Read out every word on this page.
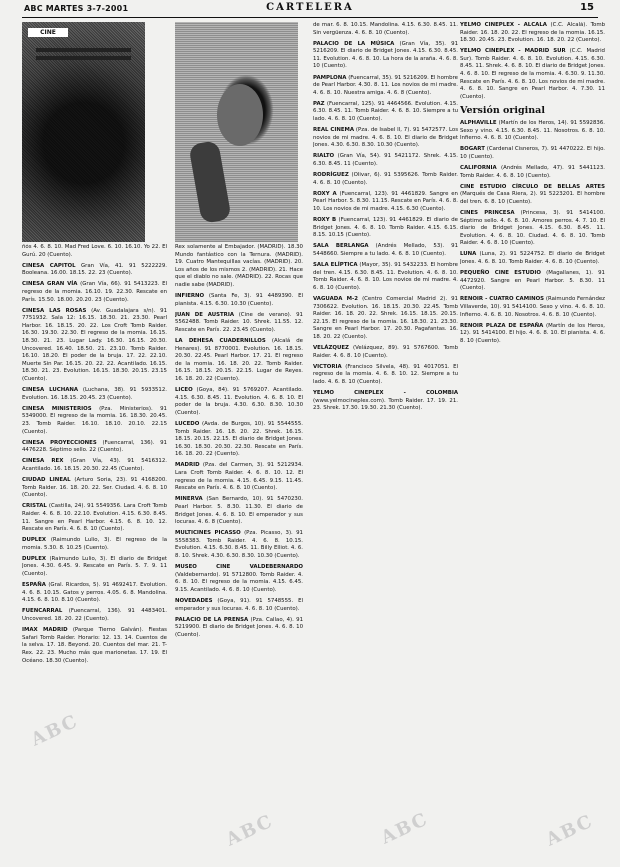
ABC MARTES 3-7-2001	CARTELERA	15
CINE

ñós 4. 6. 8. 10. Mad Fred Love. 6. 10. 16.10. Yo 22. El Gurú. 20 (Cuento).

CINESA CAPITOL Gran Vía, 41. 91 5222229. Booleana. 16.00. 18.15. 22. 23 (Cuento).

CINESA GRAN VÍA (Gran Vía, 66). 91 5413223. El regreso de la momia. 16.10. 19. 22.30. Rescate en París. 15.50. 18.00. 20.20. 23 (Cuento).

CINESA LAS ROSAS (Av. Guadalajara s/n). 91 7751932. Sala 12: 16.15. 18.30. 21. 23.30. Pearl Harbor. 16. 18.15. 20. 22. Los Croft Tomb Raider. 16.30. 19.30. 22.30. El regreso de la momia. 16.15. 18.30. 21. 23. Lugar Lady. 16.30. 16.15. 20.30. Uncovered. 16.40. 18.50. 21. 23.10. Tomb Raider. 16.10. 18.20. El poder de la bruja. 17. 22. 22.10. Muerte Sin Par. 16.15. 20. 22. 22. Acantilado. 16.15. 18.30. 21. 23. Evolution. 16.15. 18.30. 20.15. 23.15 (Cuento).

CINESA LUCHANA (Luchana, 38). 91 5933512. Evolution. 16. 18.15. 20.45. 23 (Cuento).

CINESA MINISTERIOS (Pza. Ministerios). 91 5349000. El regreso de la momia. 16. 18.30. 20.45. 23. Tomb Raider. 16.10. 18.10. 20.10. 22.15 (Cuento).

CINESA PROYECCIONES (Fuencarral, 136). 91 4476228. Séptimo sello. 22 (Cuento).

CINESA REX (Gran Vía, 43). 91 5416312. Acantilado. 16. 18.15. 20.30. 22.45 (Cuento).

CIUDAD LINEAL (Arturo Soria, 23). 91 4168200. Tomb Raider. 16. 18. 20. 22. Ser. Ciudad. 4. 6. 8. 10 (Cuento).

CRISTAL (Castilla, 24). 91 5549356. Lara Croft Tomb Raider. 4. 6. 8. 10. 22.10. Evolution. 4.15. 6.30. 8.45. 11. Sangre en Pearl Harbor. 4.15. 6. 8. 10. 12. Rescate en París. 4. 6. 8. 10 (Cuento).

DUPLEX (Raimundo Lulio, 3). El regreso de la momia. 5.30. 8. 10.25 (Cuento).

DUPLEX (Raimundo Lulio, 3). El diario de Bridget Jones. 4.30. 6.45. 9. Rescate en París. 5. 7. 9. 11 (Cuento).

ESPAÑA (Gral. Ricardos, 5). 91 4692417. Evolution. 4. 6. 8. 10.15. Gatos y perros. 4.05. 6. 8. Mandolina. 4.15. 6. 8. 10. 8.10 (Cuento).

FUENCARRAL (Fuencarral, 136). 91 4483401. Uncovered. 18. 20. 22 (Cuento).

IMAX MADRID (Parque Tierno Galván). Fiestas Safari Tomb Raider. Horario: 12. 13. 14. Cuentos de la selva. 17. 18. Beyond. 20. Cuentos del mar. 21. T-Rex. 22. 23. Mucho más que marionetas. 17. 19. El Océano. 18.30 (Cuento).

Rex solamente al Embajador. (MADRID). 18.30 Mundo fantástico con la Ternura. (MADRID). 19. Cuatro Mantequillas vacías. (MADRID). 20. Los años de los mismos 2. (MADRID). 21. Hace que el diablo no sale. (MADRID). 22. Rocas que nadie sabe (MADRID).

INFIERNO (Santa Fe, 3). 91 4489390. El pianista. 4.15. 6.30. 10.30 (Cuento).

JUAN DE AUSTRIA (Cine de verano). 91 5562488. Tomb Raider. 10. Shrek. 11.55. 12. Rescate en París. 22. 23.45 (Cuento).

LA DEHESA CUADERNILLOS (Alcalá de Henares). 91 8770001. Evolution. 16. 18.15. 20.30. 22.45. Pearl Harbor. 17. 21. El regreso de la momia. 16. 18. 20. 22. Tomb Raider. 16.15. 18.15. 20.15. 22.15. Lugar de Reyes. 16. 18. 20. 22 (Cuento).

LICEO (Goya, 84). 91 5769207. Acantilado. 4.15. 6.30. 8.45. 11. Evolution. 4. 6. 8. 10. El poder de la bruja. 4.30. 6.30. 8.30. 10.30 (Cuento).

LUCEDO (Avda. de Burgos, 10). 91 5544555. Tomb Raider. 16. 18. 20. 22. Shrek. 16.15. 18.15. 20.15. 22.15. El diario de Bridget Jones. 16.30. 18.30. 20.30. 22.30. Rescate en París. 16. 18. 20. 22 (Cuento).

MADRID (Pza. del Carmen, 3). 91 5212934. Lara Croft Tomb Raider. 4. 6. 8. 10. 12. El regreso de la momia. 4.15. 6.45. 9.15. 11.45. Rescate en París. 4. 6. 8. 10 (Cuento).

MINERVA (San Bernardo, 10). 91 5470230. Pearl Harbor. 5. 8.30. 11.30. El diario de Bridget Jones. 4. 6. 8. 10. El emperador y sus locuras. 4. 6. 8 (Cuento).

MULTICINES PICASSO (Pza. Picasso, 3). 91 5558383. Tomb Raider. 4. 6. 8. 10.15. Evolution. 4.15. 6.30. 8.45. 11. Billy Elliot. 4. 6. 8. 10. Shrek. 4.30. 6.30. 8.30. 10.30 (Cuento).

MUSEO CINE VALDEBERNARDO (Valdebernardo). 91 5712800. Tomb Raider. 4. 6. 8. 10. El regreso de la momia. 4.15. 6.45. 9.15. Acantilado. 4. 6. 8. 10 (Cuento).

NOVEDADES (Goya, 91). 91 5748555. El emperador y sus locuras. 4. 6. 8. 10 (Cuento).

PALACIO DE LA PRENSA (Pza. Callao, 4). 91 5219900. El diario de Bridget Jones. 4. 6. 8. 10 (Cuento).

de mar. 6. 8. 10.15. Mandolina. 4.15. 6.30. 8.45. 11. Sin vergüenza. 4. 6. 8. 10 (Cuento).

PALACIO DE LA MÚSICA (Gran Vía, 35). 91 5216209. El diario de Bridget Jones. 4.15. 6.30. 8.45. 11. Evolution. 4. 6. 8. 10. La hora de la araña. 4. 6. 8. 10 (Cuento).

PAMPLONA (Fuencarral, 35). 91 5216209. El hombre de Pearl Harbor. 4.30. 8. 11. Los novios de mi madre. 4. 6. 8. 10. Nuestra amiga. 4. 6. 8 (Cuento).

PAZ (Fuencarral, 125). 91 4464566. Evolution. 4.15. 6.30. 8.45. 11. Tomb Raider. 4. 6. 8. 10. Siempre a tu lado. 4. 6. 8. 10 (Cuento).

REAL CINEMA (Pza. de Isabel II, 7). 91 5472577. Los novios de mi madre. 4. 6. 8. 10. El diario de Bridget Jones. 4.30. 6.30. 8.30. 10.30 (Cuento).

RIALTO (Gran Vía, 54). 91 5421172. Shrek. 4.15. 6.30. 8.45. 11 (Cuento).

RODRÍGUEZ (Olivar, 6). 91 5395626. Tomb Raider. 4. 6. 8. 10 (Cuento).

ROXY A (Fuencarral, 123). 91 4461829. Sangre en Pearl Harbor. 5. 8.30. 11.15. Rescate en París. 4. 6. 8. 10. Los novios de mi madre. 4.15. 6.30 (Cuento).

ROXY B (Fuencarral, 123). 91 4461829. El diario de Bridget Jones. 4. 6. 8. 10. Tomb Raider. 4.15. 6.15. 8.15. 10.15 (Cuento).

SALA BERLANGA (Andrés Mellado, 53). 91 5448660. Siempre a tu lado. 4. 6. 8. 10 (Cuento).

SALA ELÍPTICA (Mayor, 35). 91 5432233. El hombre del tren. 4.15. 6.30. 8.45. 11. Evolution. 4. 6. 8. 10. Tomb Raider. 4. 6. 8. 10. Los novios de mi madre. 4. 6. 8. 10 (Cuento).

VAGUADA M-2 (Centro Comercial Madrid 2). 91 7306622. Evolution. 16. 18.15. 20.30. 22.45. Tomb Raider. 16. 18. 20. 22. Shrek. 16.15. 18.15. 20.15. 22.15. El regreso de la momia. 16. 18.30. 21. 23.30. Sangre en Pearl Harbor. 17. 20.30. Pagafantas. 16. 18. 20. 22 (Cuento).

VELÁZQUEZ (Velázquez, 89). 91 5767600. Tomb Raider. 4. 6. 8. 10 (Cuento).

VICTORIA (Francisco Silvela, 48). 91 4017051. El regreso de la momia. 4. 6. 8. 10. 12. Siempre a tu lado. 4. 6. 8. 10 (Cuento).

YELMO CINEPLEX - COLOMBIA (www.yelmocineplex.com). Tomb Raider. 17. 19. 21. 23. Shrek. 17.30. 19.30. 21.30 (Cuento).

YELMO CINEPLEX - ALCALÁ (C.C. Alcalá). Tomb Raider. 16. 18. 20. 22. El regreso de la momia. 16.15. 18.30. 20.45. 23. Evolution. 16. 18. 20. 22 (Cuento).

YELMO CINEPLEX - MADRID SUR (C.C. Madrid Sur). Tomb Raider. 4. 6. 8. 10. Evolution. 4.15. 6.30. 8.45. 11. Shrek. 4. 6. 8. 10. El diario de Bridget Jones. 4. 6. 8. 10. El regreso de la momia. 4. 6.30. 9. 11.30. Rescate en París. 4. 6. 8. 10. Los novios de mi madre. 4. 6. 8. 10. Sangre en Pearl Harbor. 4. 7.30. 11 (Cuento).

Versión original

ALPHAVILLE (Martín de los Heros, 14). 91 5592836. Sexo y vino. 4.15. 6.30. 8.45. 11. Nosotros. 6. 8. 10. Infierno. 4. 6. 8. 10 (Cuento).

BOGART (Cardenal Cisneros, 7). 91 4470222. El hijo. 10 (Cuento).

CALIFORNIA (Andrés Mellado, 47). 91 5441123. Tomb Raider. 4. 6. 8. 10 (Cuento).

CINE ESTUDIO CÍRCULO DE BELLAS ARTES (Marqués de Casa Riera, 2). 91 5223201. El hombre del tren. 6. 8. 10 (Cuento).

CINES PRINCESA (Princesa, 3). 91 5414100. Séptimo sello. 4. 6. 8. 10. Amores perros. 4. 7. 10. El diario de Bridget Jones. 4.15. 6.30. 8.45. 11. Evolution. 4. 6. 8. 10. Ciudad. 4. 6. 8. 10. Tomb Raider. 4. 6. 8. 10 (Cuento).

LUNA (Luna, 2). 91 5224752. El diario de Bridget Jones. 4. 6. 8. 10. Tomb Raider. 4. 6. 8. 10 (Cuento).

PEQUEÑO CINE ESTUDIO (Magallanes, 1). 91 4472920. Sangre en Pearl Harbor. 5. 8.30. 11 (Cuento).

RENOIR - CUATRO CAMINOS (Raimundo Fernández Villaverde, 10). 91 5414100. Sexo y vino. 4. 6. 8. 10. Infierno. 4. 6. 8. 10. Nosotros. 4. 6. 8. 10 (Cuento).

RENOIR PLAZA DE ESPAÑA (Martín de los Heros, 12). 91 5414100. El hijo. 4. 6. 8. 10. El pianista. 4. 6. 8. 10 (Cuento).

ABC
ABC	ABC	ABC
